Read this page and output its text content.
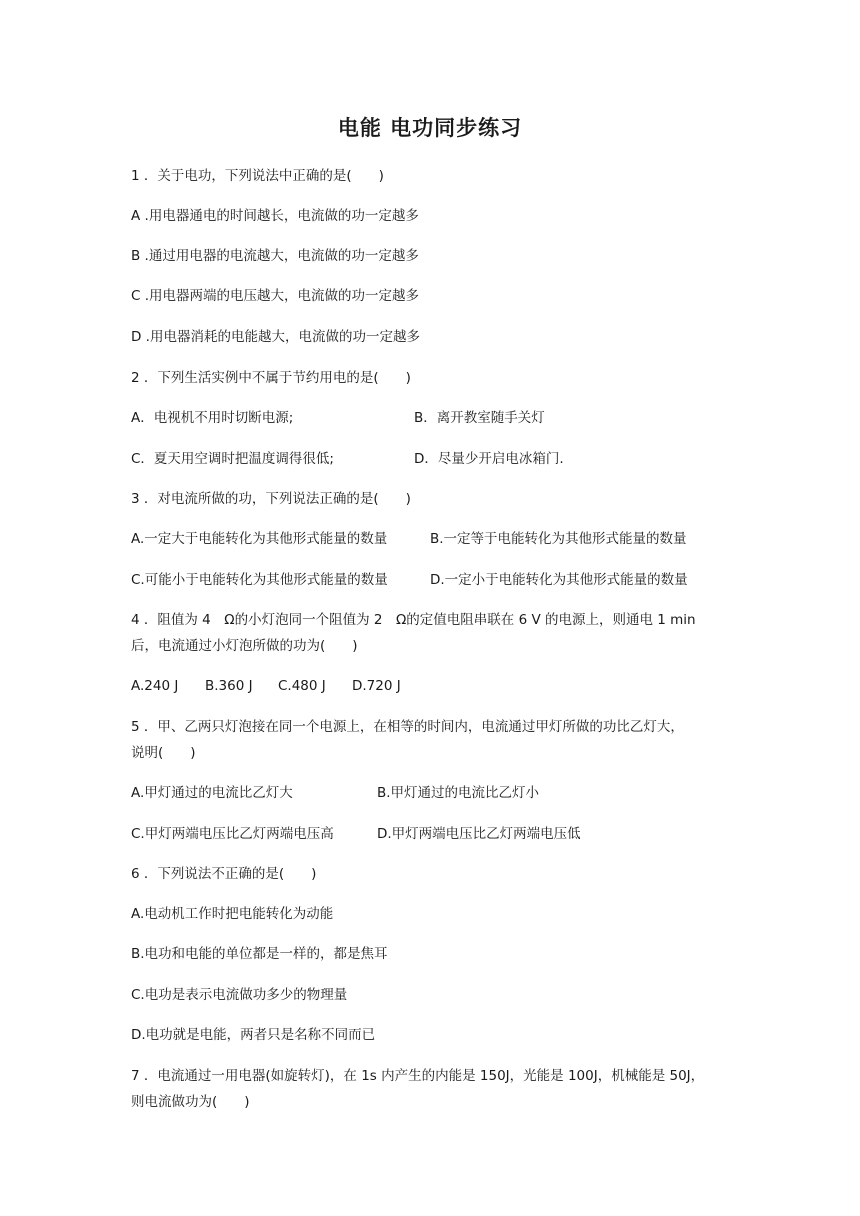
电能 电功同步练习

1 ．关于电功，下列说法中正确的是(　　)

A .用电器通电的时间越长，电流做的功一定越多

B .通过用电器的电流越大，电流做的功一定越多

C .用电器两端的电压越大，电流做的功一定越多

D .用电器消耗的电能越大，电流做的功一定越多

2 ．下列生活实例中不属于节约用电的是(　　)

A．电视机不用时切断电源;	B．离开教室随手关灯

C．夏天用空调时把温度调得很低;	D．尽量少开启电冰箱门.

3 ．对电流所做的功，下列说法正确的是(　　)

A.一定大于电能转化为其他形式能量的数量	B.一定等于电能转化为其他形式能量的数量

C.可能小于电能转化为其他形式能量的数量	D.一定小于电能转化为其他形式能量的数量

4 ．阻值为 4　Ω的小灯泡同一个阻值为 2　Ω的定值电阻串联在 6 V 的电源上，则通电 1 min

后，电流通过小灯泡所做的功为(　　)

A.240 J B.360 J C.480 J D.720 J

5 ．甲、乙两只灯泡接在同一个电源上，在相等的时间内，电流通过甲灯所做的功比乙灯大，

说明(　　)

A.甲灯通过的电流比乙灯大	B.甲灯通过的电流比乙灯小

C.甲灯两端电压比乙灯两端电压高	D.甲灯两端电压比乙灯两端电压低

6 ．下列说法不正确的是(　　)

A.电动机工作时把电能转化为动能

B.电功和电能的单位都是一样的，都是焦耳

C.电功是表示电流做功多少的物理量

D.电功就是电能，两者只是名称不同而已

7 ．电流通过一用电器(如旋转灯)，在 1s 内产生的内能是 150J，光能是 100J，机械能是 50J，

则电流做功为(　　)
